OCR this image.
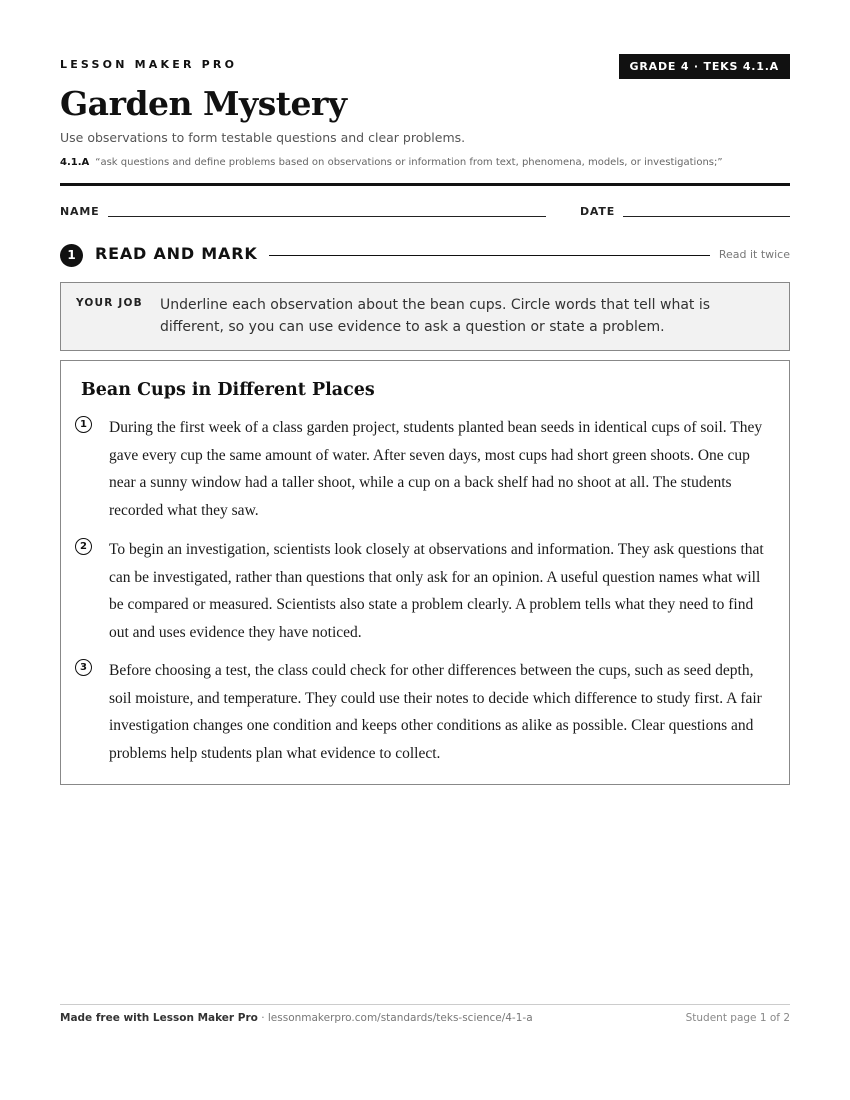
LESSON MAKER PRO	GRADE 4 · TEKS 4.1.A
Garden Mystery
Use observations to form testable questions and clear problems.
4.1.A “ask questions and define problems based on observations or information from text, phenomena, models, or investigations;”
NAME	DATE
1	READ AND MARK	Read it twice
YOUR JOB Underline each observation about the bean cups. Circle words that tell what is different, so you can use evidence to ask a question or state a problem.
Bean Cups in Different Places
1	During the first week of a class garden project, students planted bean seeds in identical cups of soil. They gave every cup the same amount of water. After seven days, most cups had short green shoots. One cup near a sunny window had a taller shoot, while a cup on a back shelf had no shoot at all. The students recorded what they saw.
2	To begin an investigation, scientists look closely at observations and information. They ask questions that can be investigated, rather than questions that only ask for an opinion. A useful question names what will be compared or measured. Scientists also state a problem clearly. A problem tells what they need to find out and uses evidence they have noticed.
3	Before choosing a test, the class could check for other differences between the cups, such as seed depth, soil moisture, and temperature. They could use their notes to decide which difference to study first. A fair investigation changes one condition and keeps other conditions as alike as possible. Clear questions and problems help students plan what evidence to collect.
Made free with Lesson Maker Pro · lessonmakerpro.com/standards/teks-science/4-1-a	Student page 1 of 2
